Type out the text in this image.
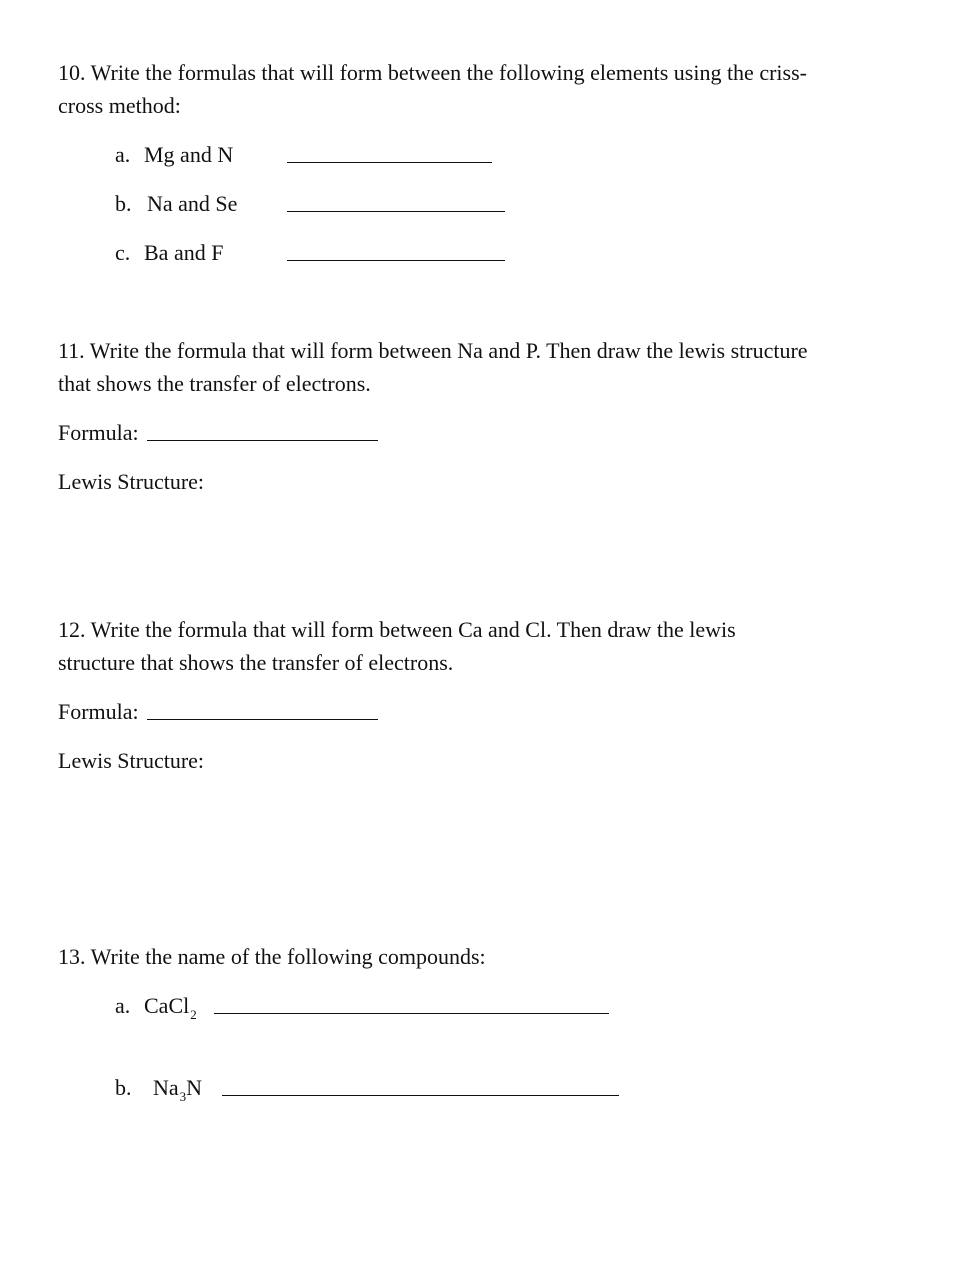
10. Write the formulas that will form between the following elements using the criss-
cross method:
a. Mg and N
b. Na and Se
c. Ba and F
11. Write the formula that will form between Na and P. Then draw the lewis structure
that shows the transfer of electrons.
Formula:
Lewis Structure:
12. Write the formula that will form between Ca and Cl. Then draw the lewis
structure that shows the transfer of electrons.
Formula:
Lewis Structure:
13. Write the name of the following compounds:
a. CaCl$_2$
b. $Na_3N$
